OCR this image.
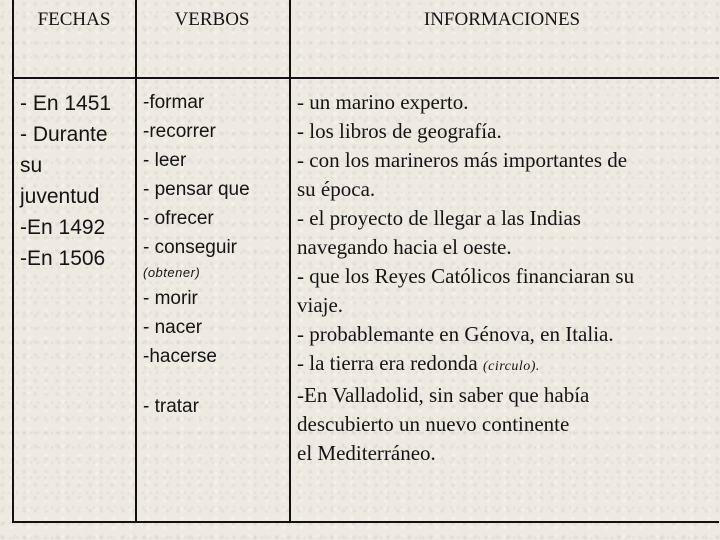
FECHAS	VERBOS	INFORMACIONES
- En 1451
- Durante
su
juventud
-En 1492
-En 1506
-formar
-recorrer
- leer
- pensar que
- ofrecer
- conseguir
(obtener)
- morir
- nacer
-hacerse
- tratar
- un marino experto.
- los libros de geografía.
- con los marineros más importantes de
su época.
- el proyecto de llegar a las Indias
navegando hacia el oeste.
- que los Reyes Católicos financiaran su
viaje.
- probablemante en Génova, en Italia.
- la tierra era redonda (circulo).
-En Valladolid, sin saber que había
descubierto un nuevo continente
el Mediterráneo.
